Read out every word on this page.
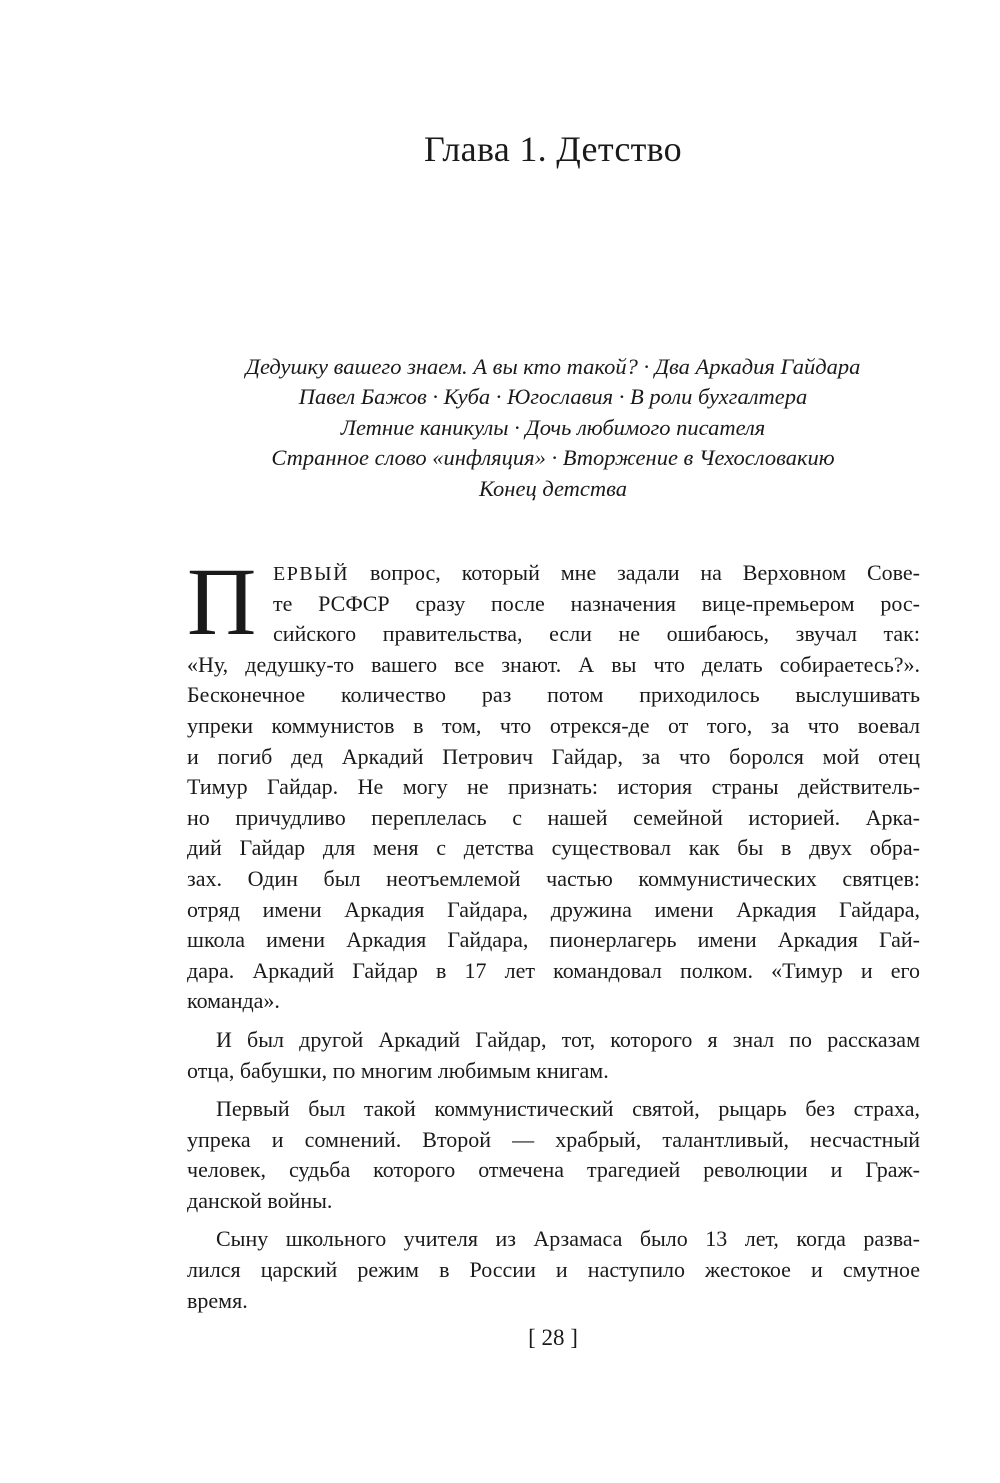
Глава 1. Детство
Дедушку вашего знаем. А вы кто такой? · Два Аркадия Гайдара
Павел Бажов · Куба · Югославия · В роли бухгалтера
Летние каникулы · Дочь любимого писателя
Странное слово «инфляция» · Вторжение в Чехословакию
Конец детства
П ЕРВЫЙ вопрос, который мне задали на Верховном Сове-
те РСФСР сразу после назначения вице-премьером рос-
сийского правительства, если не ошибаюсь, звучал так:
«Ну, дедушку-то вашего все знают. А вы что делать собираетесь?».
Бесконечное количество раз потом приходилось выслушивать
упреки коммунистов в том, что отрекся-де от того, за что воевал
и погиб дед Аркадий Петрович Гайдар, за что боролся мой отец
Тимур Гайдар. Не могу не признать: история страны действитель-
но причудливо переплелась с нашей семейной историей. Арка-
дий Гайдар для меня с детства существовал как бы в двух обра-
зах. Один был неотъемлемой частью коммунистических святцев:
отряд имени Аркадия Гайдара, дружина имени Аркадия Гайдара,
школа имени Аркадия Гайдара, пионерлагерь имени Аркадия Гай-
дара. Аркадий Гайдар в 17 лет командовал полком. «Тимур и его
команда».
И был другой Аркадий Гайдар, тот, которого я знал по рассказам
отца, бабушки, по многим любимым книгам.
Первый был такой коммунистический святой, рыцарь без страха,
упрека и сомнений. Второй — храбрый, талантливый, несчастный
человек, судьба которого отмечена трагедией революции и Граж-
данской войны.
Сыну школьного учителя из Арзамаса было 13 лет, когда разва-
лился царский режим в России и наступило жестокое и смутное
время.
[ 28 ]
